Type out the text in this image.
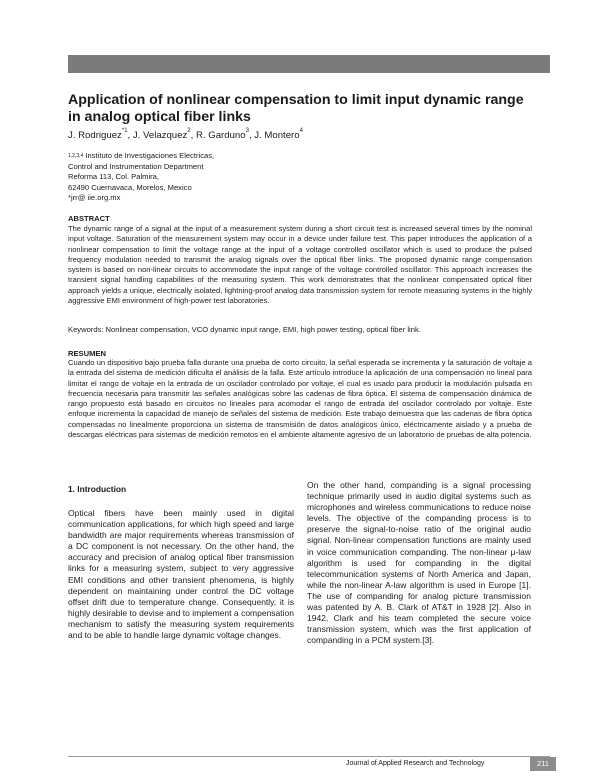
Application of nonlinear compensation to limit input dynamic range in analog optical fiber links
J. Rodriguez$^{*1}$, J. Velazquez$^2$, R. Garduno$^3$, J. Montero$^4$
$^{1,2,3,4}$ Instituto de Investigaciones Electricas,
Control and Instrumentation Department
Reforma 113, Col. Palmira,
62490 Cuernavaca, Morelos, Mexico
*jrr@ iie.org.mx
ABSTRACT
The dynamic range of a signal at the input of a measurement system during a short circuit test is increased several times by the nominal input voltage. Saturation of the measurement system may occur in a device under failure test. This paper introduces the application of a nonlinear compensation to limit the voltage range at the input of a voltage controlled oscillator which is used to produce the pulsed frequency modulation needed to transmit the analog signals over the optical fiber links. The proposed dynamic range compensation system is based on non-linear circuits to accommodate the input range of the voltage controlled oscillator. This approach increases the transient signal handling capabilities of the measuring system. This work demonstrates that the nonlinear compensated optical fiber approach yields a unique, electrically isolated, lightning-proof analog data transmission system for remote measuring systems in the highly aggressive EMI environment of high-power test laboratories.
Keywords: Nonlinear compensation, VCO dynamic input range, EMI, high power testing, optical fiber link.
RESUMEN
Cuando un dispositivo bajo prueba falla durante una prueba de corto circuito, la señal esperada se incrementa y la saturación de voltaje a la entrada del sistema de medición dificulta el análisis de la falla. Este artículo introduce la aplicación de una compensación no lineal para limitar el rango de voltaje en la entrada de un oscilador controlado por voltaje, el cual es usado para producir la modulación pulsada en frecuencia necesaria para transmitir las señales analógicas sobre las cadenas de fibra óptica. El sistema de compensación dinámica de rango propuesto está basado en circuitos no lineales para acomodar el rango de entrada del oscilador controlado por voltaje. Este enfoque incrementa la capacidad de manejo de señales del sistema de medición. Este trabajo demuestra que las cadenas de fibra óptica compensadas no linealmente proporciona un sistema de transmisión de datos analógicos único, eléctricamente aislado y a prueba de descargas eléctricas para sistemas de medición remotos en el ambiente altamente agresivo de un laboratorio de pruebas de alta potencia.
1. Introduction
Optical fibers have been mainly used in digital communication applications, for which high speed and large bandwidth are major requirements whereas transmission of a DC component is not necessary. On the other hand, the accuracy and precision of analog optical fiber transmission links for a measuring system, subject to very aggressive EMI conditions and other transient phenomena, is highly dependent on maintaining under control the DC voltage offset drift due to temperature change. Consequently, it is highly desirable to devise and to implement a compensation mechanism to satisfy the measuring system requirements and to be able to handle large dynamic voltage changes.
On the other hand, companding is a signal processing technique primarily used in audio digital systems such as microphones and wireless communications to reduce noise levels. The objective of the companding process is to preserve the signal-to-noise ratio of the original audio signal. Non-linear compensation functions are mainly used in voice communication companding. The non-linear μ-law algorithm is used for companding in the digital telecommunication systems of North America and Japan, while the non-linear A-law algorithm is used in Europe [1]. The use of companding for analog picture transmission was patented by A. B. Clark of AT&T in 1928 [2]. Also in 1942, Clark and his team completed the secure voice transmission system, which was the first application of companding in a PCM system.[3].
Journal of Applied Research and Technology	211
